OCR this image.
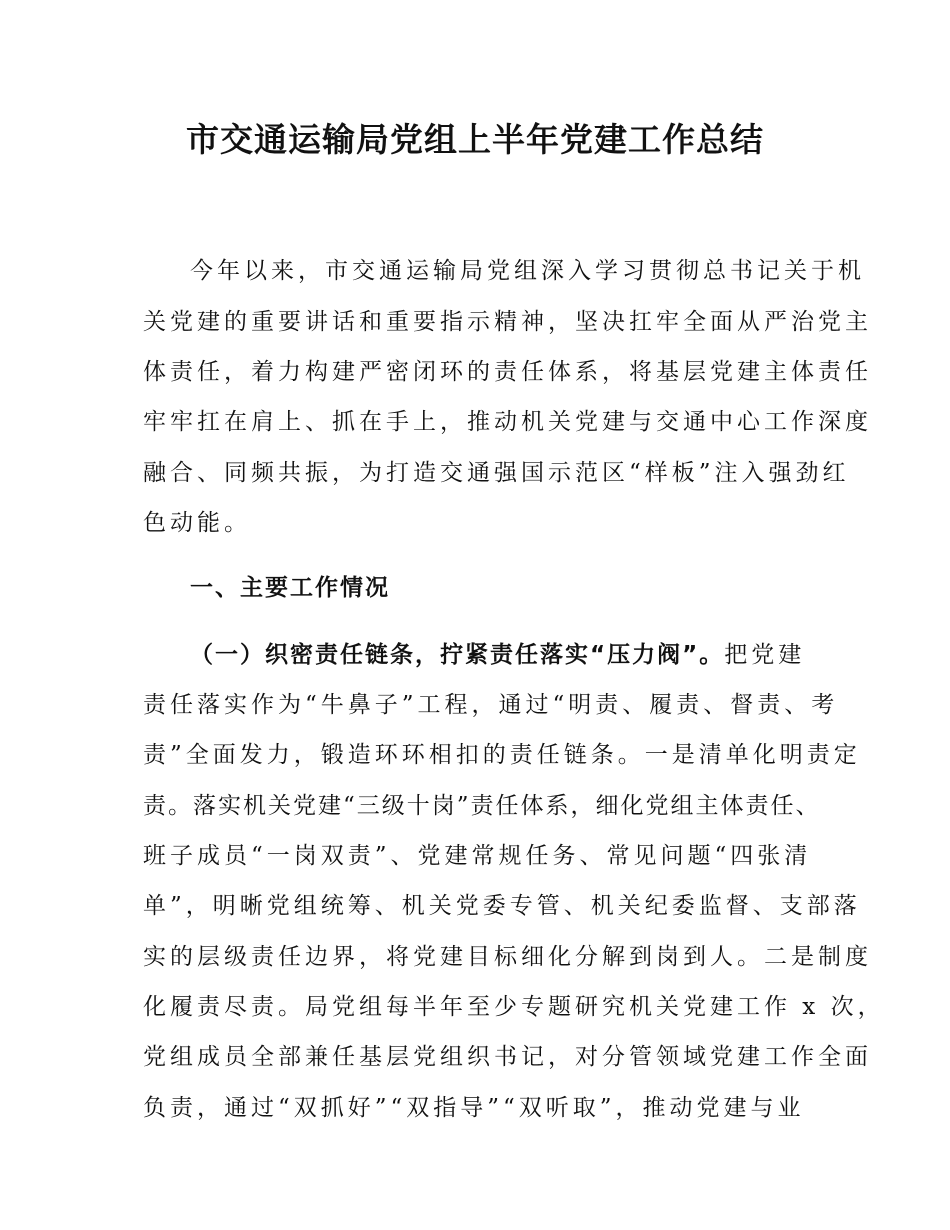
市交通运输局党组上半年党建工作总结
今年以来，市交通运输局党组深入学习贯彻总书记关于机
关党建的重要讲话和重要指示精神，坚决扛牢全面从严治党主
体责任，着力构建严密闭环的责任体系，将基层党建主体责任
牢牢扛在肩上、抓在手上，推动机关党建与交通中心工作深度
融合、同频共振，为打造交通强国示范区“样板”注入强劲红
色动能。
一、主要工作情况
（一）织密责任链条，拧紧责任落实“压力阀”。把党建
责任落实作为“牛鼻子”工程，通过“明责、履责、督责、考
责”全面发力，锻造环环相扣的责任链条。一是清单化明责定
责。落实机关党建“三级十岗”责任体系，细化党组主体责任、
班子成员“一岗双责”、党建常规任务、常见问题“四张清
单”，明晰党组统筹、机关党委专管、机关纪委监督、支部落
实的层级责任边界，将党建目标细化分解到岗到人。二是制度
化履责尽责。局党组每半年至少专题研究机关党建工作 x 次，
党组成员全部兼任基层党组织书记，对分管领域党建工作全面
负责，通过“双抓好”“双指导”“双听取”，推动党建与业
